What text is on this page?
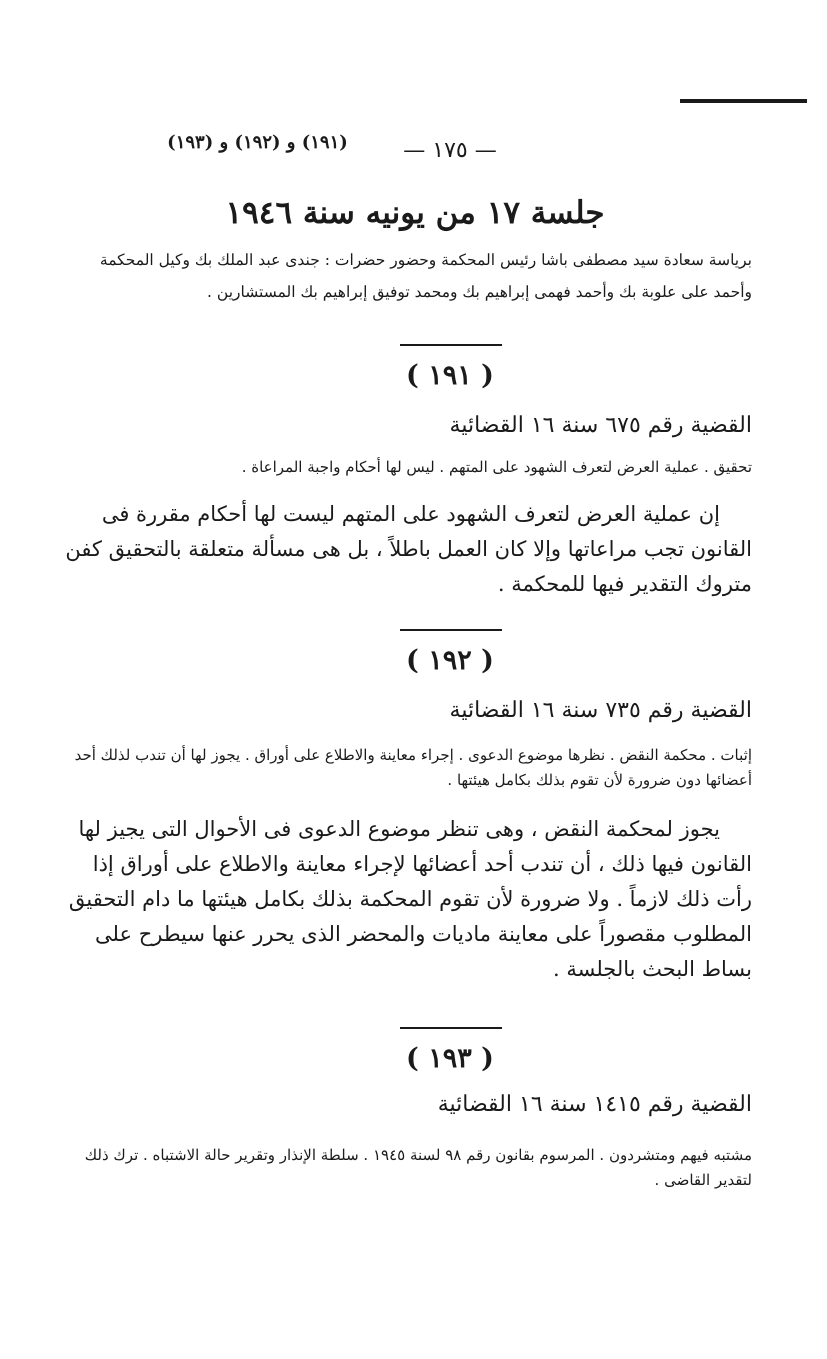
— ١٧٥ —
(١٩١) و (١٩٢) و (١٩٣)
جلسة ١٧ من يونيه سنة ١٩٤٦
برياسة سعادة سيد مصطفى باشا رئيس المحكمة وحضور حضرات : جندى عبد الملك بك وكيل المحكمة وأحمد على علوبة بك وأحمد فهمى إبراهيم بك ومحمد توفيق إبراهيم بك المستشارين .
( ١٩١ )
القضية رقم ٦٧٥ سنة ١٦ القضائية
تحقيق . عملية العرض لتعرف الشهود على المتهم . ليس لها أحكام واجبة المراعاة .
إن عملية العرض لتعرف الشهود على المتهم ليست لها أحكام مقررة فى القانون تجب مراعاتها وإلا كان العمل باطلاً ، بل هى مسألة متعلقة بالتحقيق كفن متروك التقدير فيها للمحكمة .
( ١٩٢ )
القضية رقم ٧٣٥ سنة ١٦ القضائية
إثبات . محكمة النقض . نظرها موضوع الدعوى . إجراء معاينة والاطلاع على أوراق . يجوز لها أن تندب لذلك أحد أعضائها دون ضرورة لأن تقوم بذلك بكامل هيئتها .
يجوز لمحكمة النقض ، وهى تنظر موضوع الدعوى فى الأحوال التى يجيز لها القانون فيها ذلك ، أن تندب أحد أعضائها لإجراء معاينة والاطلاع على أوراق إذا رأت ذلك لازماً . ولا ضرورة لأن تقوم المحكمة بذلك بكامل هيئتها ما دام التحقيق المطلوب مقصوراً على معاينة ماديات والمحضر الذى يحرر عنها سيطرح على بساط البحث بالجلسة .
( ١٩٣ )
القضية رقم ١٤١٥ سنة ١٦ القضائية
مشتبه فيهم ومتشردون . المرسوم بقانون رقم ٩٨ لسنة ١٩٤٥ . سلطة الإنذار وتقرير حالة الاشتباه . ترك ذلك لتقدير القاضى .
